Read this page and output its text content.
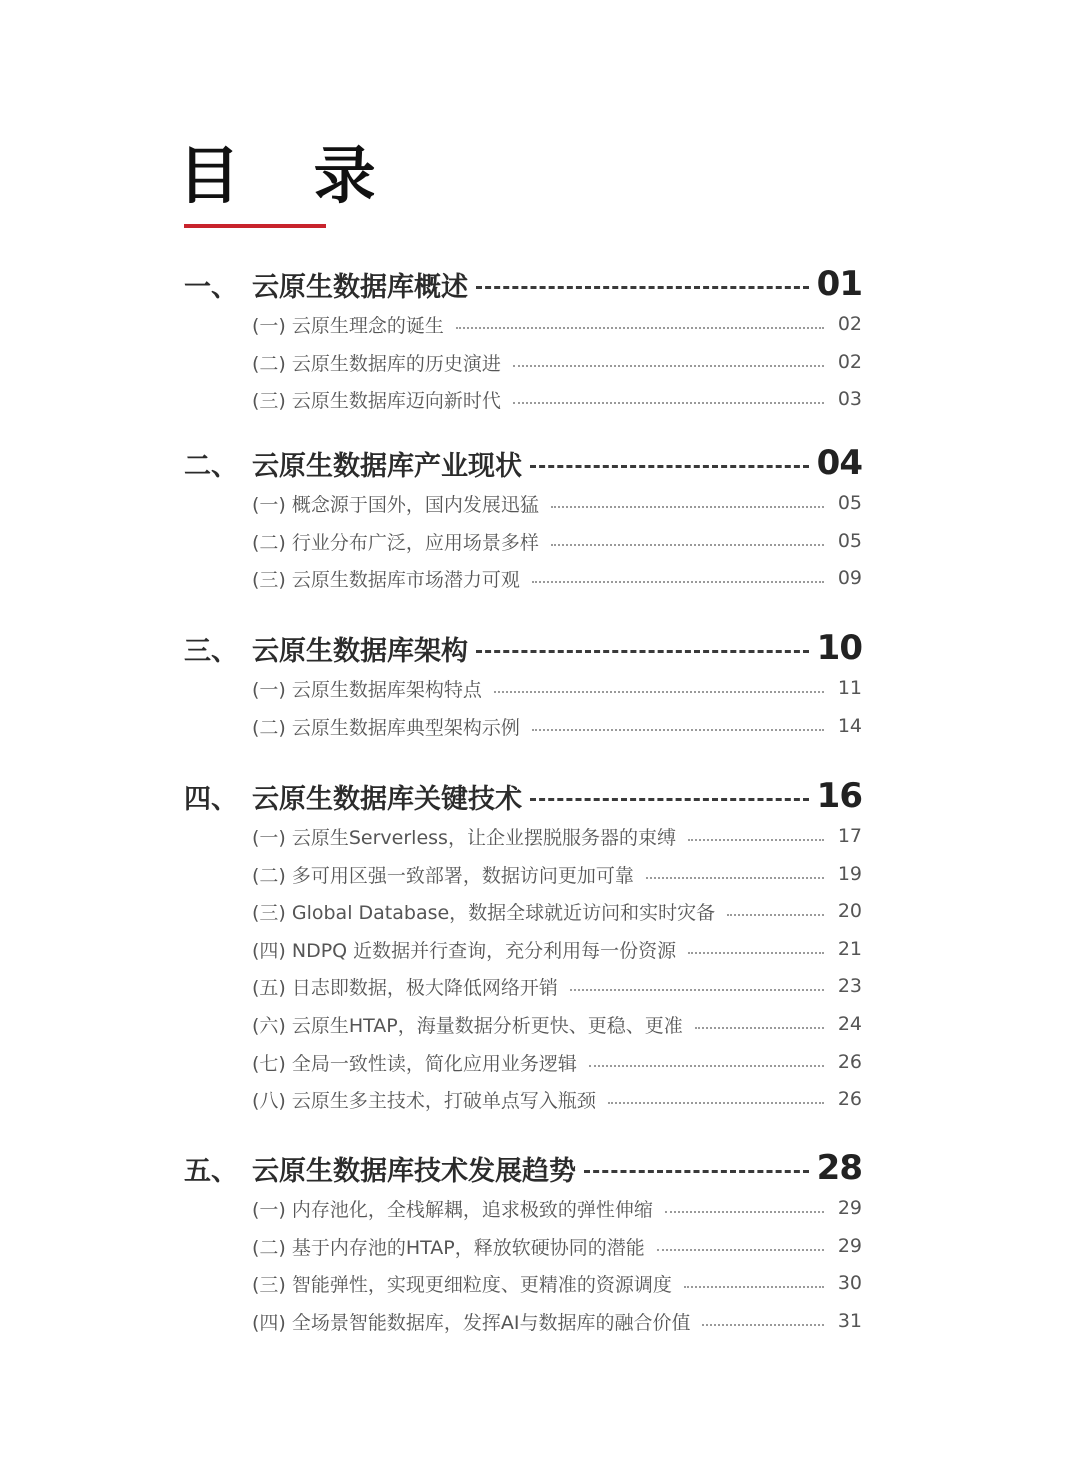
目 录
一、 云原生数据库概述	01
(一) 云原生理念的诞生	02
(二) 云原生数据库的历史演进	02
(三) 云原生数据库迈向新时代	03
二、 云原生数据库产业现状	04
(一) 概念源于国外，国内发展迅猛	05
(二) 行业分布广泛，应用场景多样	05
(三) 云原生数据库市场潜力可观	09
三、 云原生数据库架构	10
(一) 云原生数据库架构特点	11
(二) 云原生数据库典型架构示例	14
四、 云原生数据库关键技术	16
(一) 云原生Serverless，让企业摆脱服务器的束缚	17
(二) 多可用区强一致部署，数据访问更加可靠	19
(三) Global Database，数据全球就近访问和实时灾备	20
(四) NDPQ 近数据并行查询，充分利用每一份资源	21
(五) 日志即数据，极大降低网络开销	23
(六) 云原生HTAP，海量数据分析更快、更稳、更准	24
(七) 全局一致性读，简化应用业务逻辑	26
(八) 云原生多主技术，打破单点写入瓶颈	26
五、 云原生数据库技术发展趋势	28
(一) 内存池化，全栈解耦，追求极致的弹性伸缩	29
(二) 基于内存池的HTAP，释放软硬协同的潜能	29
(三) 智能弹性，实现更细粒度、更精准的资源调度	30
(四) 全场景智能数据库，发挥AI与数据库的融合价值	31
